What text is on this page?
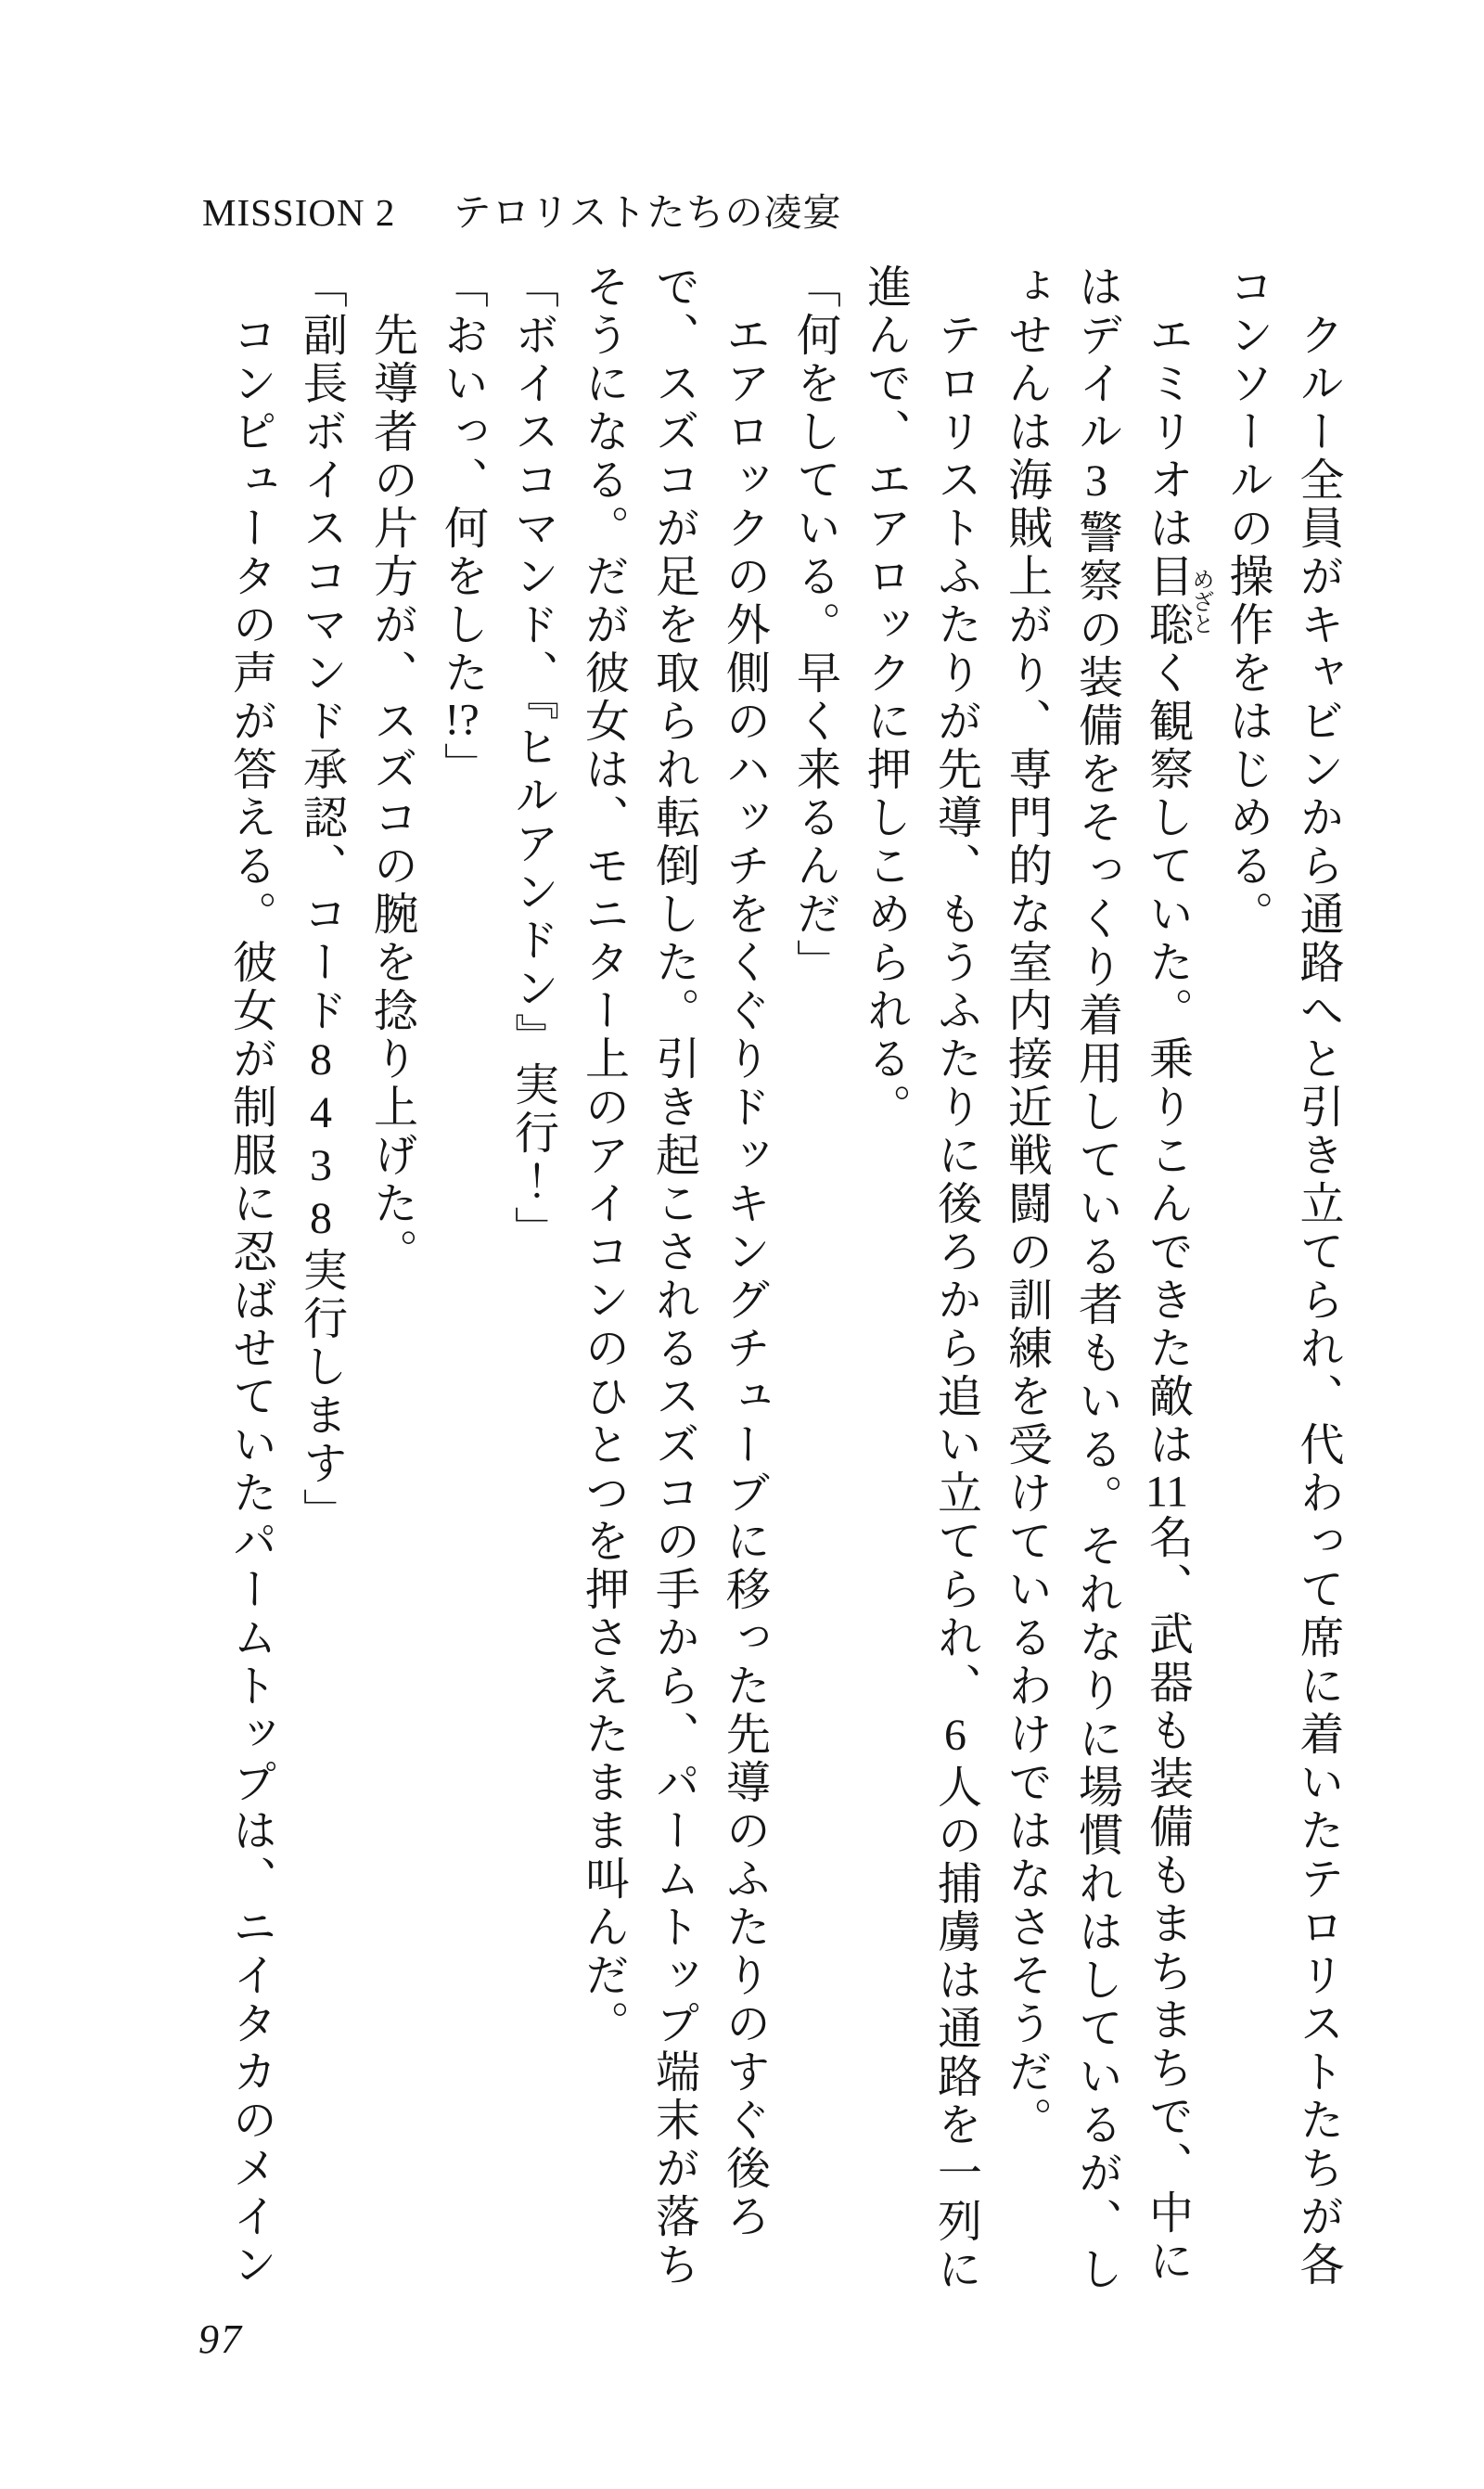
MISSION 2 テロリストたちの凌宴

クルー全員がキャビンから通路へと引き立てられ、代わって席に着いたテロリストたちが各コンソールの操作をはじめる。

エミリオは目聡めざとく観察していた。乗りこんできた敵は11名、武器も装備もまちまちで、中にはデイル3警察の装備をそっくり着用している者もいる。それなりに場慣れはしているが、しょせんは海賊上がり、専門的な室内接近戦闘の訓練を受けているわけではなさそうだ。

テロリストふたりが先導、もうふたりに後ろから追い立てられ、6人の捕虜は通路を一列に進んで、エアロックに押しこめられる。

「何をしている。早く来るんだ」

エアロックの外側のハッチをくぐりドッキングチューブに移った先導のふたりのすぐ後ろで、スズコが足を取られ転倒した。引き起こされるスズコの手から、パームトップ端末が落ちそうになる。だが彼女は、モニター上のアイコンのひとつを押さえたまま叫んだ。

「ボイスコマンド、『ヒルアンドン』実行！」

「おいっ、何をした!?」

先導者の片方が、スズコの腕を捻り上げた。

「副長ボイスコマンド承認、コード8438実行します」

コンピュータの声が答える。彼女が制服に忍ばせていたパームトップは、ニイタカのメイン

97
